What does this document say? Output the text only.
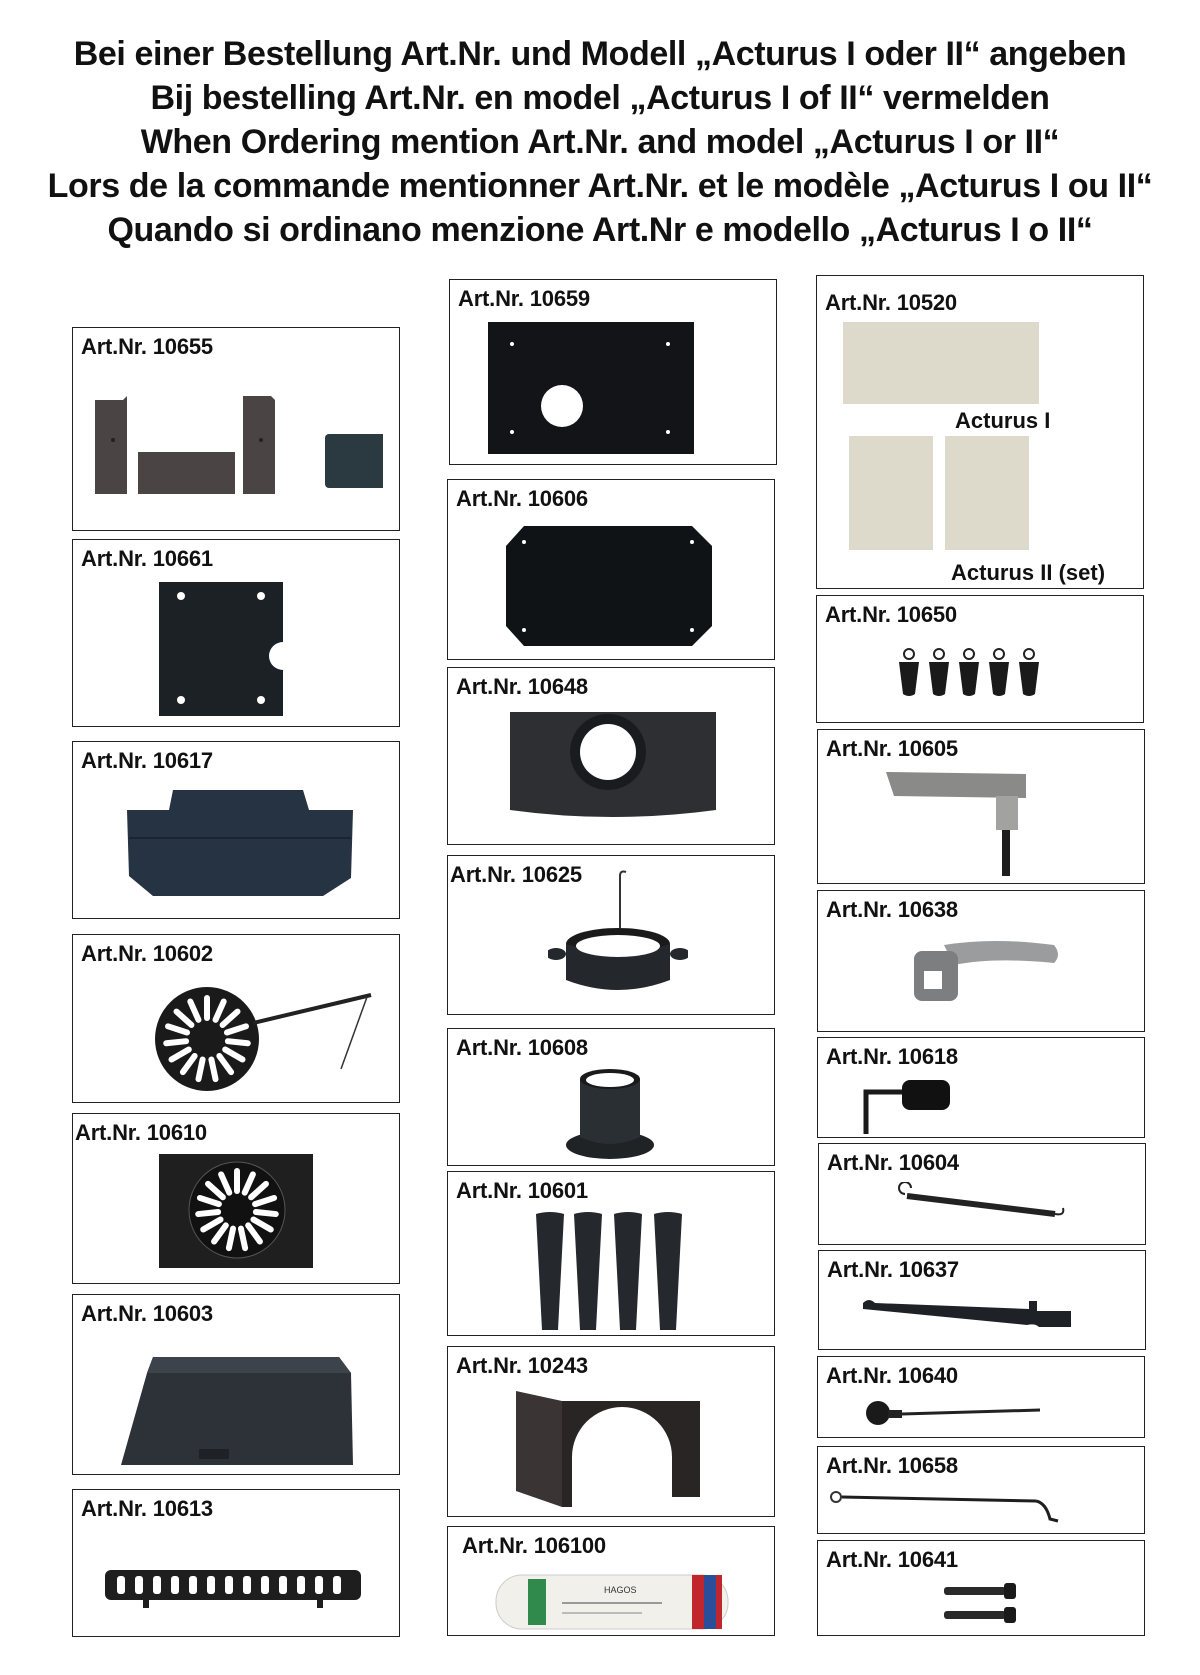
Bei einer Bestellung Art.Nr. und Modell „Acturus I oder II“ angeben
Bij bestelling Art.Nr. en model „Acturus I of II“ vermelden
When Ordering mention Art.Nr. and model „Acturus I or II“
Lors de la commande mentionner Art.Nr. et le modèle „Acturus I ou II“
Quando si ordinano menzione Art.Nr e modello „Acturus I o II“
Art.Nr. 10655
Art.Nr. 10661
Art.Nr. 10617
Art.Nr. 10602
Art.Nr. 10610
Art.Nr. 10603
Art.Nr. 10613
Art.Nr. 10659
Art.Nr. 10606
Art.Nr. 10648
Art.Nr. 10625
Art.Nr. 10608
Art.Nr. 10601
Art.Nr. 10243
Art.Nr. 106100
HAGOS
Art.Nr. 10520
Acturus I
Acturus II (set)
Art.Nr. 10650
Art.Nr. 10605
Art.Nr. 10638
Art.Nr. 10618
Art.Nr. 10604
Art.Nr. 10637
Art.Nr. 10640
Art.Nr. 10658
Art.Nr. 10641
